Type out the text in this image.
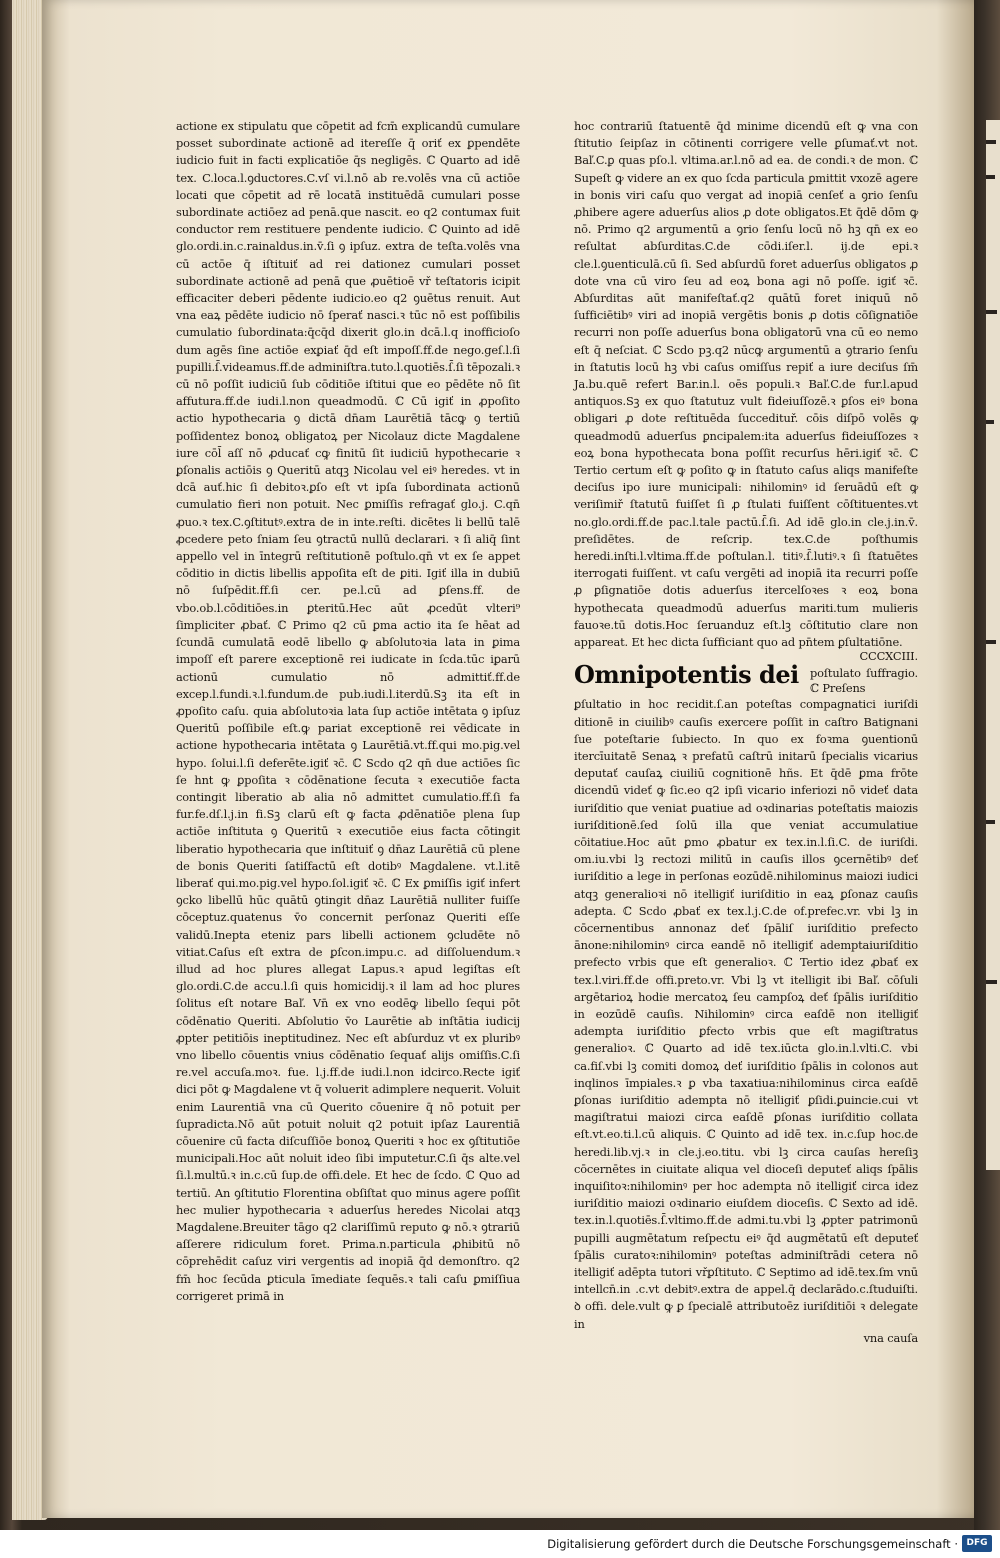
actione ex stipulatu que cōpetit ad fcm̄ explicandū cumulare posset subordinate actionē ad itereſſe q̄ oriť ex ꝑpendēte iudicio fuit in facti explicatiōe q̄s negligēs. ℂ Quarto ad idē tex. C.loca.l.ꝯductores.C.vſ vi.l.nō ab re.volēs vna cū actiōe locati que cōpetit ad rē locatā instituēdā cumulari posse subordinate actiōez ad penā.que nascit. eo q2 contumax fuit conductor rem restituere pendente iudicio. ℂ Quinto ad idē glo.ordi.in.c.rainaldus.in.v̄.ſi ꝯ ipſuz. extra de teſta.volēs vna cū actōe q̄ iſtituiť ad rei dationez cumulari posset subordinate actionē ad penā que ꝓuētioē vř teſtatoris icipit efficaciter deberi pēdente iudicio.eo q2 ꝯuētus renuit. Aut vna eaꝝ pēdēte iudicio nō ſperať nasci.ꝛ tūc nō est poſſibilis cumulatio ſubordinata:q̄cq̄d dixerit glo.in dcā.l.q inofficioſo dum agēs ſine actiōe exꝑiať q̄d eſt impoſſ.ff.de nego.geſ.l.ſi pupilli.ſ̄.videamus.ff.de adminiſtra.tuto.l.quotiēs.ſ̄.ſi tēpozali.ꝛ cū nō poſſit iudiciū ſub cōditiōe iſtitui que eo pēdēte nō ſit affutura.ff.de iudi.l.non queadmodū. ℂ Cū igiť in ꝓpoſito actio hypothecaria ꝯ dictā dn̄am Laurētiā tācꝙ ꝯ tertiū poſſidentez bonoꝝ obligatoꝝ per Nicolauz dicte Magdalene iure cōl̄ aſſ nō ꝓducať cꝙ finitū ſit iudiciū hypothecarie ꝛ ꝑſonalis actiōis ꝯ Queritū atqꝫ Nicolau vel eiꝰ heredes. vt in dcā auť.hic ſi debitoꝛ.ꝑſo eſt vt ipſa ſubordinata actionū cumulatio fieri non potuit. Nec ꝑmiſſis refragať glo.j. C.qn̄ ꝓuo.ꝛ tex.C.ꝯſtitutꝰ.extra de in inte.reſti. dicētes li bellū talē ꝓcedere peto ſniam ſeu ꝯtractū nullū declarari. ꝛ ſi aliq̄ ſint appello vel in īntegrū reſtitutionē poſtulo.qn̄ vt ex ſe appet cōditio in dictis libellis appoſita eſt de ꝑiti. Igiť illa in dubiū nō ſuſpēdit.ff.ſi cer. pe.l.cū ad ꝑſens.ff. de vbo.ob.l.cōditiōes.in ꝑteritū.Hec aūt ꝓcedūt vlteri⁹ ſimpliciter ꝓbať. ℂ Primo q2 cū ꝑma actio ita ſe hēat ad ſcundā cumulatā eodē libello ꝙ abſolutoꝛia lata in ꝑima impoſſ eſt parere exceptionē rei iudicate in ſcda.tūc iꝑarū actionū cumulatio nō admittiť.ff.de excep.l.fundi.ꝛ.l.fundum.de pub.iudi.l.iterdū.Sꝫ ita eſt in ꝓpoſito caſu. quia abſolutoꝛia lata ſup actiōe intētata ꝯ ipſuz Queritū poſſibile eſt.ꝙ pariat exceptionē rei vēdicate in actione hypothecaria intētata ꝯ Laurētiā.vt.ff.qui mo.pig.vel hypo. ſolui.l.ſi deferēte.igiť ꝛc̄. ℂ Scdo q2 qn̄ due actiōes ſic ſe hnt ꝙ ꝑpoſita ꝛ cōdēnatione ſecuta ꝛ executiōe facta contingit liberatio ab alia nō admittet cumulatio.ff.ſi fa fur.fe.dſ.l.j.in fi.Sꝫ clarū eſt ꝙ facta ꝓdēnatiōe plena ſup actiōe inſtituta ꝯ Queritū ꝛ executiōe eius facta cōtingit liberatio hypothecaria que inſtituiť ꝯ dn̄az Laurētiā cū plene de bonis Queriti ſatiſfactū eſt dotibꝰ Magdalene. vt.l.itē liberať qui.mo.pig.vel hypo.ſol.igiť ꝛc̄. ℂ Ex ꝑmiſſis igiť infert ꝯcko libellū hūc quātū ꝯtingit dn̄az Laurētiā nulliter fuiſſe cōceptuz.quatenus v̄o concernit perſonaz Queriti eſſe validū.Inepta eteniz pars libelli actionem ꝯcludēte nō vitiat.Caſus eſt extra de ꝑſcon.impu.c. ad diſſoluendum.ꝛ illud ad hoc plures allegat Lapus.ꝛ apud legiſtas eſt glo.ordi.C.de accu.l.ſi quis homicidij.ꝛ il lam ad hoc plures ſolitus eſt notare Baľ. Vn̄ ex vno eodēꝙ libello ſequi pōt cōdēnatio Queriti. Abſolutio v̄o Laurētie ab inſtātia iudicij ꝓpter petitiōis ineptitudinez. Nec eſt abſurduz vt ex pluribꝰ vno libello cōuentis vnius cōdēnatio ſequať alijs omiſſis.C.ſi re.vel accuſa.moꝛ. fue. l.j.ff.de iudi.l.non idcirco.Recte igiť dici pōt ꝙ Magdalene vt q̄ voluerit adimplere nequerit. Voluit enim Laurentiā vna cū Querito cōuenire q̄ nō potuit per ſupradicta.Nō aūt potuit noluit q2 potuit ipſaz Laurentiā cōuenire cū facta diſcuſſiōe bonoꝝ Queriti ꝛ hoc ex ꝯſtitutiōe municipali.Hoc aūt noluit ideo ſibi imputetur.C.ſi q̄s alte.vel ſi.l.multū.ꝛ in.c.cū ſup.de offi.dele. Et hec de ſcdo. ℂ Quo ad tertiū. An ꝯſtitutio Florentina obſiſtat quo minus agere poſſit hec mulier hypothecaria ꝛ aduerſus heredes Nicolai atqꝫ Magdalene.Breuiter tāgo q2 clariſſimū reputo ꝙ nō.ꝛ ꝯtrariū aſſerere ridiculum foret. Prima.n.particula ꝓhibitū nō cōprehēdit caſuz viri vergentis ad inopiā q̄d demonſtro. q2 fm̄ hoc ſecūda ꝑticula īmediate ſequēs.ꝛ tali caſu ꝑmiſſiua corrigeret primā in

hoc contrariū ſtatuentē q̄d minime dicendū eſt ꝙ vna con ſtitutio ſeipſaz in cōtinenti corrigere velle ꝑſumať.vt not. Baľ.C.ꝑ quas pſo.l. vltima.ar.l.nō ad ea. de condi.ꝛ de mon. ℂ Supeſt ꝙ videre an ex quo ſcda particula ꝑmittit vxozē agere in bonis viri caſu quo vergat ad inopiā cenſeť a ꝯrio ſenſu ꝓhibere agere aduerſus alios ꝓ dote obligatos.Et q̄dē dōm ꝙ nō. Primo q2 argumentū a ꝯrio ſenſu locū nō hꝫ qn̄ ex eo reſultat abſurditas.C.de cōdi.iſer.l. ij.de epi.ꝛ cle.l.ꝯuenticulā.cū ſi. Sed abſurdū foret aduerſus obligatos ꝓ dote vna cū viro ſeu ad eoꝝ bona agi nō poſſe. igiť ꝛc̄. Abſurditas aūt manifeſtať.q2 quātū foret iniquū nō ſufficiētibꝰ viri ad inopiā vergētis bonis ꝓ dotis cōſignatiōe recurri non poſſe aduerſus bona obligatorū vna cū eo nemo eſt q̄ neſciat. ℂ Scdo pꝫ.q2 nūcꝙ argumentū a ꝯtrario ſenſu in ſtatutis locū hꝫ vbi caſus omiſſus repiť a iure deciſus ſm̄ Ja.bu.quē refert Bar.in.l. oēs populi.ꝛ Baľ.C.de fur.l.apud antiquos.Sꝫ ex quo ſtatutuz vult fideiuſſozē.ꝛ ꝑſos eiꝰ bona obligari ꝓ dote reſtituēda ſuccedituř. cōis diſpō volēs ꝙ queadmodū aduerſus ꝑncipalem:ita aduerſus fideiuſſozes ꝛ eoꝝ bona hypothecata bona poſſit recurſus hēri.igiť ꝛc̄. ℂ Tertio certum eſt ꝙ poſito ꝙ in ſtatuto caſus aliqs manifeſte deciſus ipo iure municipali: nihilominꝰ id ſeruādū eſt ꝙ veriſimiř ſtatutū fuiſſet ſi ꝓ ſtulati fuiſſent cōſtituentes.vt no.glo.ordi.ff.de pac.l.tale pactū.ſ̄.ſi. Ad idē glo.in cle.j.in.v̄. preſidētes. de reſcrip. tex.C.de poſthumis heredi.inſti.l.vltima.ff.de poſtulan.l. titiꝰ.ſ̄.lutiꝰ.ꝛ ſi ſtatuētes iterrogati fuiſſent. vt caſu vergēti ad inopiā ita recurri poſſe ꝓ ꝑſignatiōe dotis aduerſus itercelſoꝛes ꝛ eoꝝ bona hypothecata queadmodū aduerſus mariti.tum mulieris fauoꝛe.tū dotis.Hoc ſeruanduz eſt.lꝫ cōſtitutio clare non appareat. Et hec dicta ſufficiant quo ad pn̄tem ꝑſultatiōne.

CCCXCIII.
Omnipotentis dei poſtulato ſuffragio. ℂ Preſens

ꝑſultatio in hoc recidit.ſ.an poteſtas compagnatici iuriſdi ditionē in ciuilibꝰ cauſis exercere poſſit in caſtro Batignani ſue poteſtarie ſubiecto. In quo ex foꝛma ꝯuentionū itercīuitatē Senaꝝ ꝛ prefatū caſtrū initarū ſpecialis vicarius deputať cauſaꝝ ciuiliū cognitionē hñs. Et q̄dē ꝑma frōte dicendū videť ꝙ ſic.eo q2 ipſi vicario inferiozi nō videť data iuriſditio que veniat ꝑuatiue ad oꝛdinarias poteſtatis maiozis iuriſditionē.ſed ſolū illa que veniat accumulatiue cōitatiue.Hoc aūt ꝑmo ꝓbatur ex tex.in.l.ſi.C. de iuriſdi. om.iu.vbi lꝫ rectozi militū in cauſis illos ꝯcernētibꝰ deť iuriſditio a lege in perſonas eozūdē.nihilominus maiozi iudici atqꝫ generalioꝛi nō itelligiť iuriſditio in eaꝝ ꝑſonaz cauſis adepta. ℂ Scdo ꝓbať ex tex.l.j.C.de of.prefec.vr. vbi lꝫ in cōcernentibus annonaz deť ſpāliſ iuriſditio prefecto ānone:nihilominꝰ circa eandē nō itelligiť ademptaiuriſditio prefecto vrbis que eſt generalioꝛ. ℂ Tertio idez ꝓbať ex tex.l.viri.ff.de offi.preto.vr. Vbi lꝫ vt itelligit ibi Baľ. cōſuli argētarioꝝ hodie mercatoꝝ ſeu campſoꝝ deť ſpālis iuriſditio in eozūdē cauſis. Nihilominꝰ circa eaſdē non itelligiť adempta iuriſditio ꝑfecto vrbis que eſt magiſtratus generalioꝛ. ℂ Quarto ad idē tex.iūcta glo.in.l.vlti.C. vbi ca.fiſ.vbi lꝫ comiti domoꝝ deť iuriſditio ſpālis in colonos aut inqlinos īmpiales.ꝛ ꝑ vba taxatiua:nihilominus circa eaſdē ꝑſonas iuriſditio adempta nō itelligiť ꝑſidi.ꝑuincie.cui vt magiſtratui maiozi circa eaſdē ꝑſonas iuriſditio collata eſt.vt.eo.ti.l.cū aliquis. ℂ Quinto ad idē tex. in.c.ſup hoc.de heredi.lib.vj.ꝛ in cle.j.eo.titu. vbi lꝫ circa cauſas hereſiꝫ cōcernētes in ciuitate aliqua vel dioceſi deputeť aliqs ſpālis inquiſitoꝛ:nihilominꝰ per hoc adempta nō itelligiť circa idez iuriſditio maiozi oꝛdinario eiuſdem dioceſis. ℂ Sexto ad idē. tex.in.l.quotiēs.ſ̄.vltimo.ff.de admi.tu.vbi lꝫ ꝓpter patrimonū pupilli augmētatum reſpectu eiꝰ q̄d augmētatū eſt deputeť ſpālis curatoꝛ:nihilominꝰ poteſtas adminiſtrādi cetera nō itelligiť adēpta tutori vřꝑſtituto. ℂ Septimo ad idē.tex.ſm vnū intellcn̄.in .c.vt debitꝰ.extra de appel.q̄ declarādo.c.ſtuduiſti. ꝺ offi. dele.vult ꝙ ꝑ ſpecialē attributoēz iuriſditiōi ꝛ delegate in

vna cauſa
Digitalisierung gefördert durch die Deutsche Forschungsgemeinschaft · DFG
